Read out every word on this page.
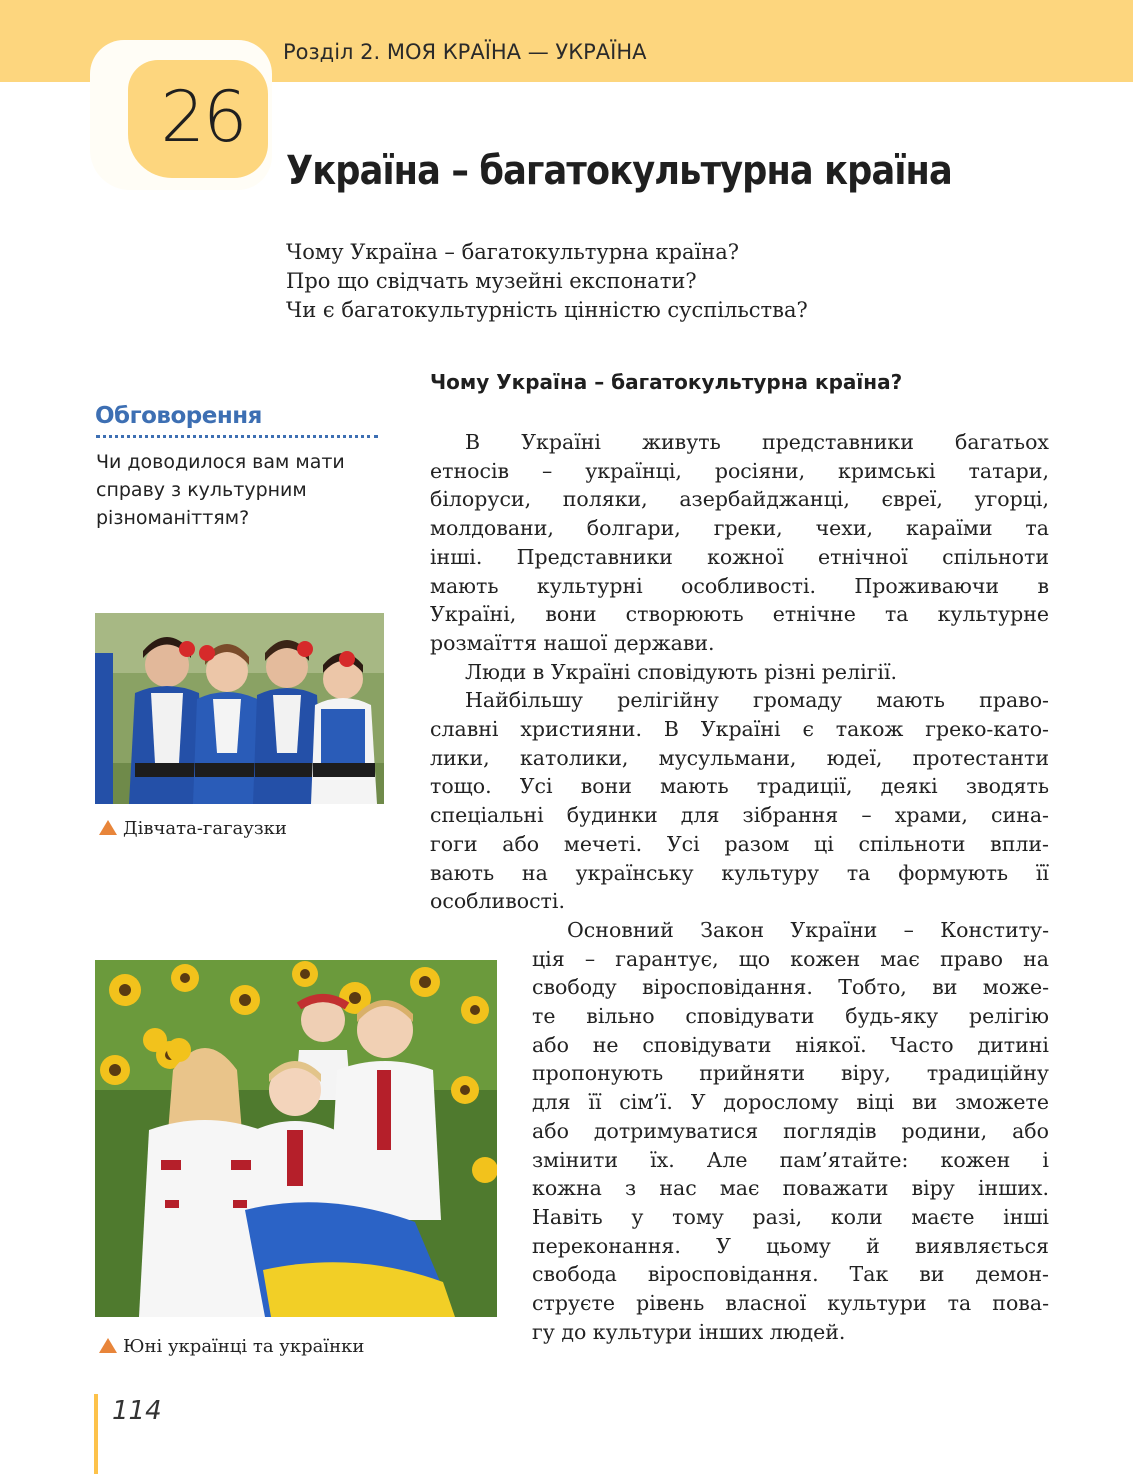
26
Розділ 2. МОЯ КРАЇНА — УКРАЇНА
Україна – багатокультурна країна
Чому Україна – багатокультурна країна?
Про що свідчать музейні експонати?
Чи є багатокультурність цінністю суспільства?
Обговорення
Чи доводилося вам мати
справу з культурним
різноманіттям?
Дівчата-гагаузки
Юні українці та українки
Чому Україна – багатокультурна країна?
В Україні живуть представники багатьох
етносів – українці, росіяни, кримські татари,
білоруси, поляки, азербайджанці, євреї, угорці,
молдовани, болгари, греки, чехи, караїми та
інші. Представники кожної етнічної спільноти
мають культурні особливості. Проживаючи в
Україні, вони створюють етнічне та культурне
розмаїття нашої держави.
Люди в Україні сповідують різні релігії.
Найбільшу релігійну громаду мають право-
славні християни. В Україні є також греко-като-
лики, католики, мусульмани, юдеї, протестанти
тощо. Усі вони мають традиції, деякі зводять
спеціальні будинки для зібрання – храми, сина-
гоги або мечеті. Усі разом ці спільноти впли-
вають на українську культуру та формують її
особливості.
Основний Закон України – Конститу-
ція – гарантує, що кожен має право на
свободу віросповідання. Тобто, ви може-
те вільно сповідувати будь-яку релігію
або не сповідувати ніякої. Часто дитині
пропонують прийняти віру, традиційну
для її сім’ї. У дорослому віці ви зможете
або дотримуватися поглядів родини, або
змінити їх. Але пам’ятайте: кожен і
кожна з нас має поважати віру інших.
Навіть у тому разі, коли маєте інші
переконання. У цьому й виявляється
свобода віросповідання. Так ви демон-
струєте рівень власної культури та пова-
гу до культури інших людей.
114
